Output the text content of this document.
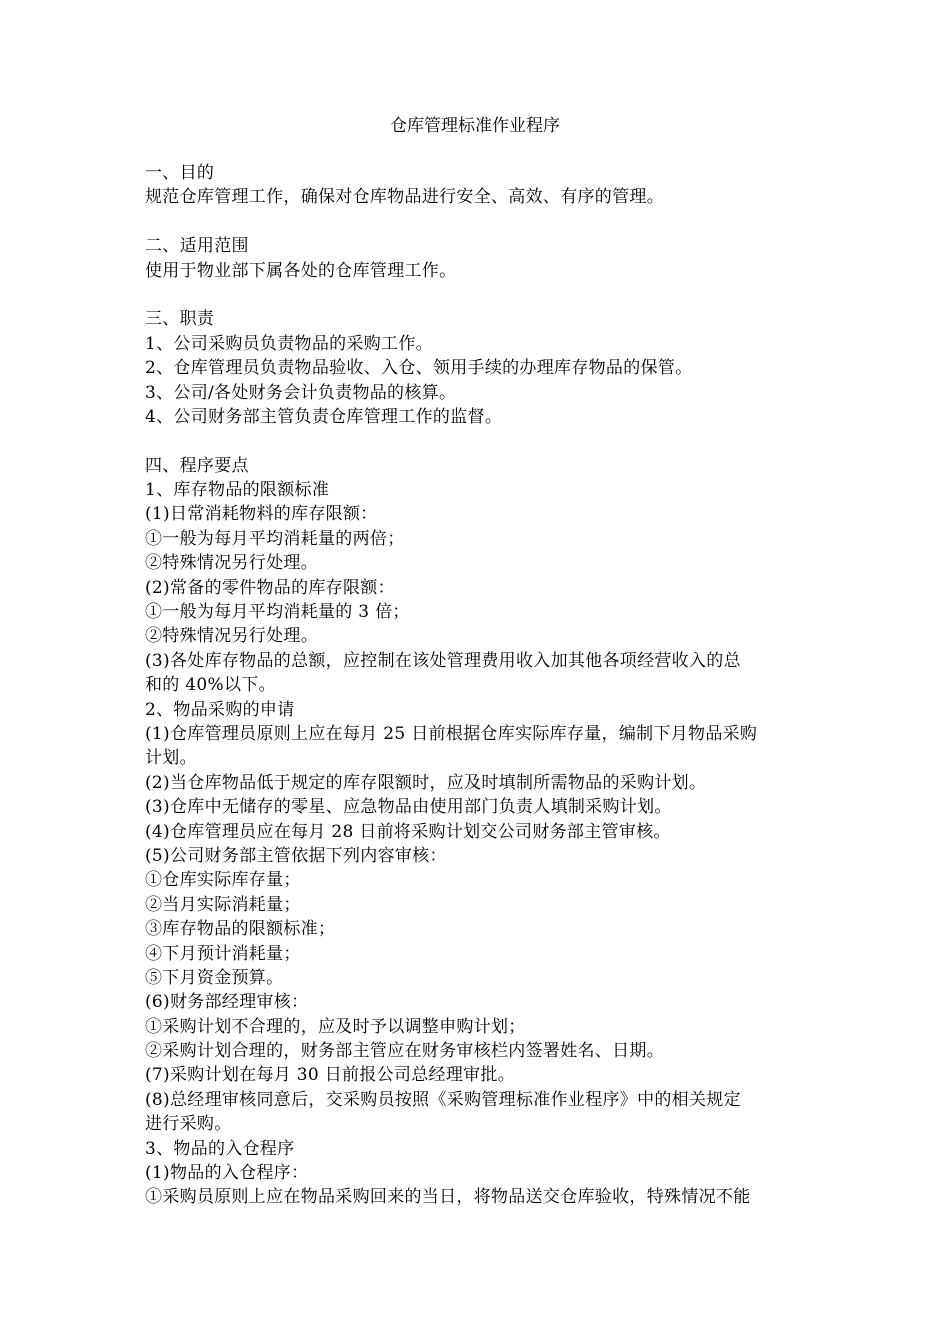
仓库管理标准作业程序
一、目的
规范仓库管理工作，确保对仓库物品进行安全、高效、有序的管理。
二、适用范围
使用于物业部下属各处的仓库管理工作。
三、职责
1、公司采购员负责物品的采购工作。
2、仓库管理员负责物品验收、入仓、领用手续的办理库存物品的保管。
3、公司/各处财务会计负责物品的核算。
4、公司财务部主管负责仓库管理工作的监督。
四、程序要点
1、库存物品的限额标准
(1)日常消耗物料的库存限额：
①一般为每月平均消耗量的两倍；
②特殊情况另行处理。
(2)常备的零件物品的库存限额：
①一般为每月平均消耗量的 3 倍；
②特殊情况另行处理。
(3)各处库存物品的总额，应控制在该处管理费用收入加其他各项经营收入的总
和的 40%以下。
2、物品采购的申请
(1)仓库管理员原则上应在每月 25 日前根据仓库实际库存量，编制下月物品采购
计划。
(2)当仓库物品低于规定的库存限额时，应及时填制所需物品的采购计划。
(3)仓库中无储存的零星、应急物品由使用部门负责人填制采购计划。
(4)仓库管理员应在每月 28 日前将采购计划交公司财务部主管审核。
(5)公司财务部主管依据下列内容审核：
①仓库实际库存量；
②当月实际消耗量；
③库存物品的限额标准；
④下月预计消耗量；
⑤下月资金预算。
(6)财务部经理审核：
①采购计划不合理的，应及时予以调整申购计划；
②采购计划合理的，财务部主管应在财务审核栏内签署姓名、日期。
(7)采购计划在每月 30 日前报公司总经理审批。
(8)总经理审核同意后，交采购员按照《采购管理标准作业程序》中的相关规定
进行采购。
3、物品的入仓程序
(1)物品的入仓程序：
①采购员原则上应在物品采购回来的当日，将物品送交仓库验收，特殊情况不能
